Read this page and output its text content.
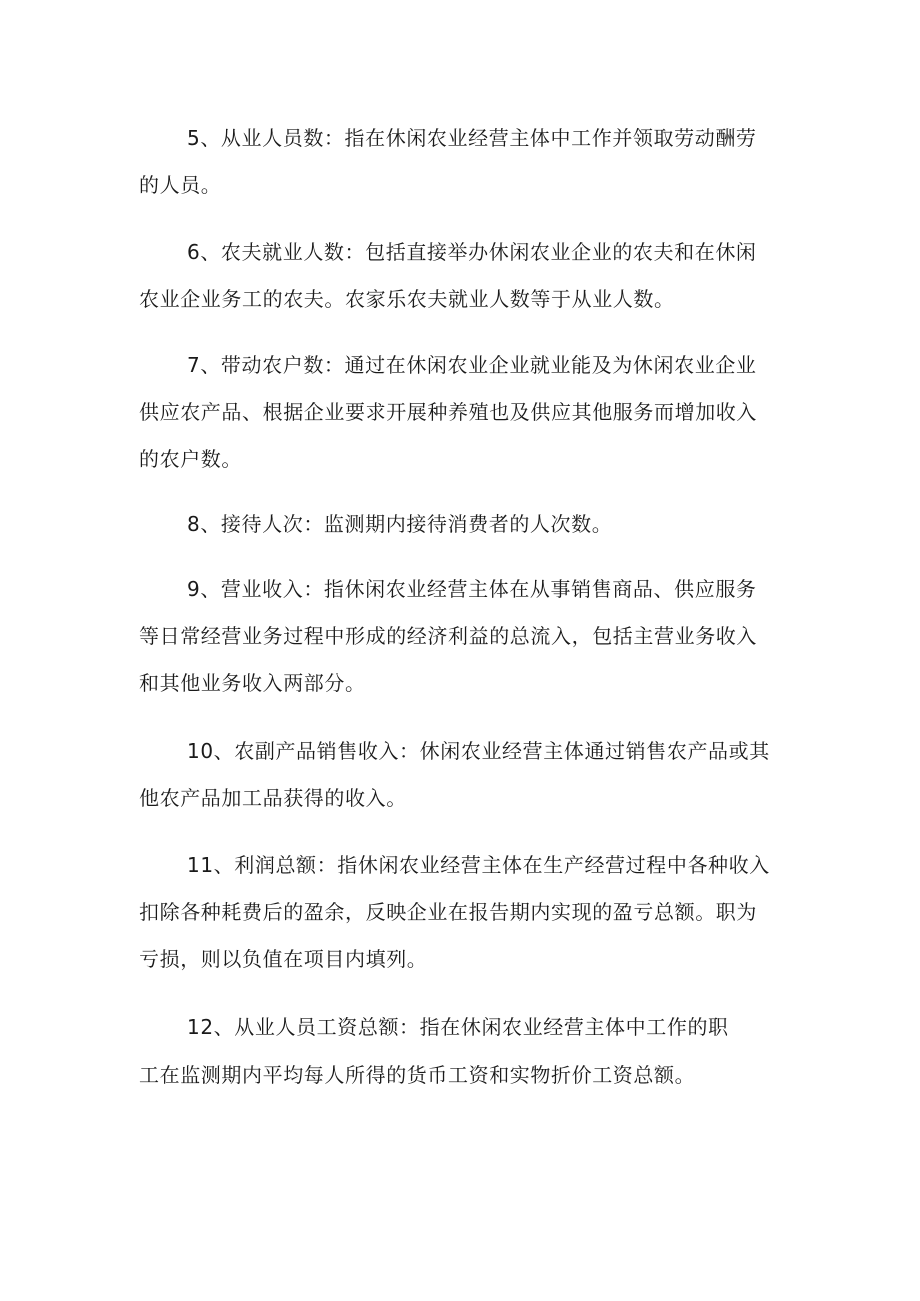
5、从业人员数：指在休闲农业经营主体中工作并领取劳动酬劳
的人员。
6、农夫就业人数：包括直接举办休闲农业企业的农夫和在休闲
农业企业务工的农夫。农家乐农夫就业人数等于从业人数。
7、带动农户数：通过在休闲农业企业就业能及为休闲农业企业
供应农产品、根据企业要求开展种养殖也及供应其他服务而增加收入
的农户数。
8、接待人次：监测期内接待消费者的人次数。
9、营业收入：指休闲农业经营主体在从事销售商品、供应服务
等日常经营业务过程中形成的经济利益的总流入，包括主营业务收入
和其他业务收入两部分。
10、农副产品销售收入：休闲农业经营主体通过销售农产品或其
他农产品加工品获得的收入。
11、利润总额：指休闲农业经营主体在生产经营过程中各种收入
扣除各种耗费后的盈余，反映企业在报告期内实现的盈亏总额。职为
亏损，则以负值在项目内填列。
12、从业人员工资总额：指在休闲农业经营主体中工作的职
工在监测期内平均每人所得的货币工资和实物折价工资总额。
